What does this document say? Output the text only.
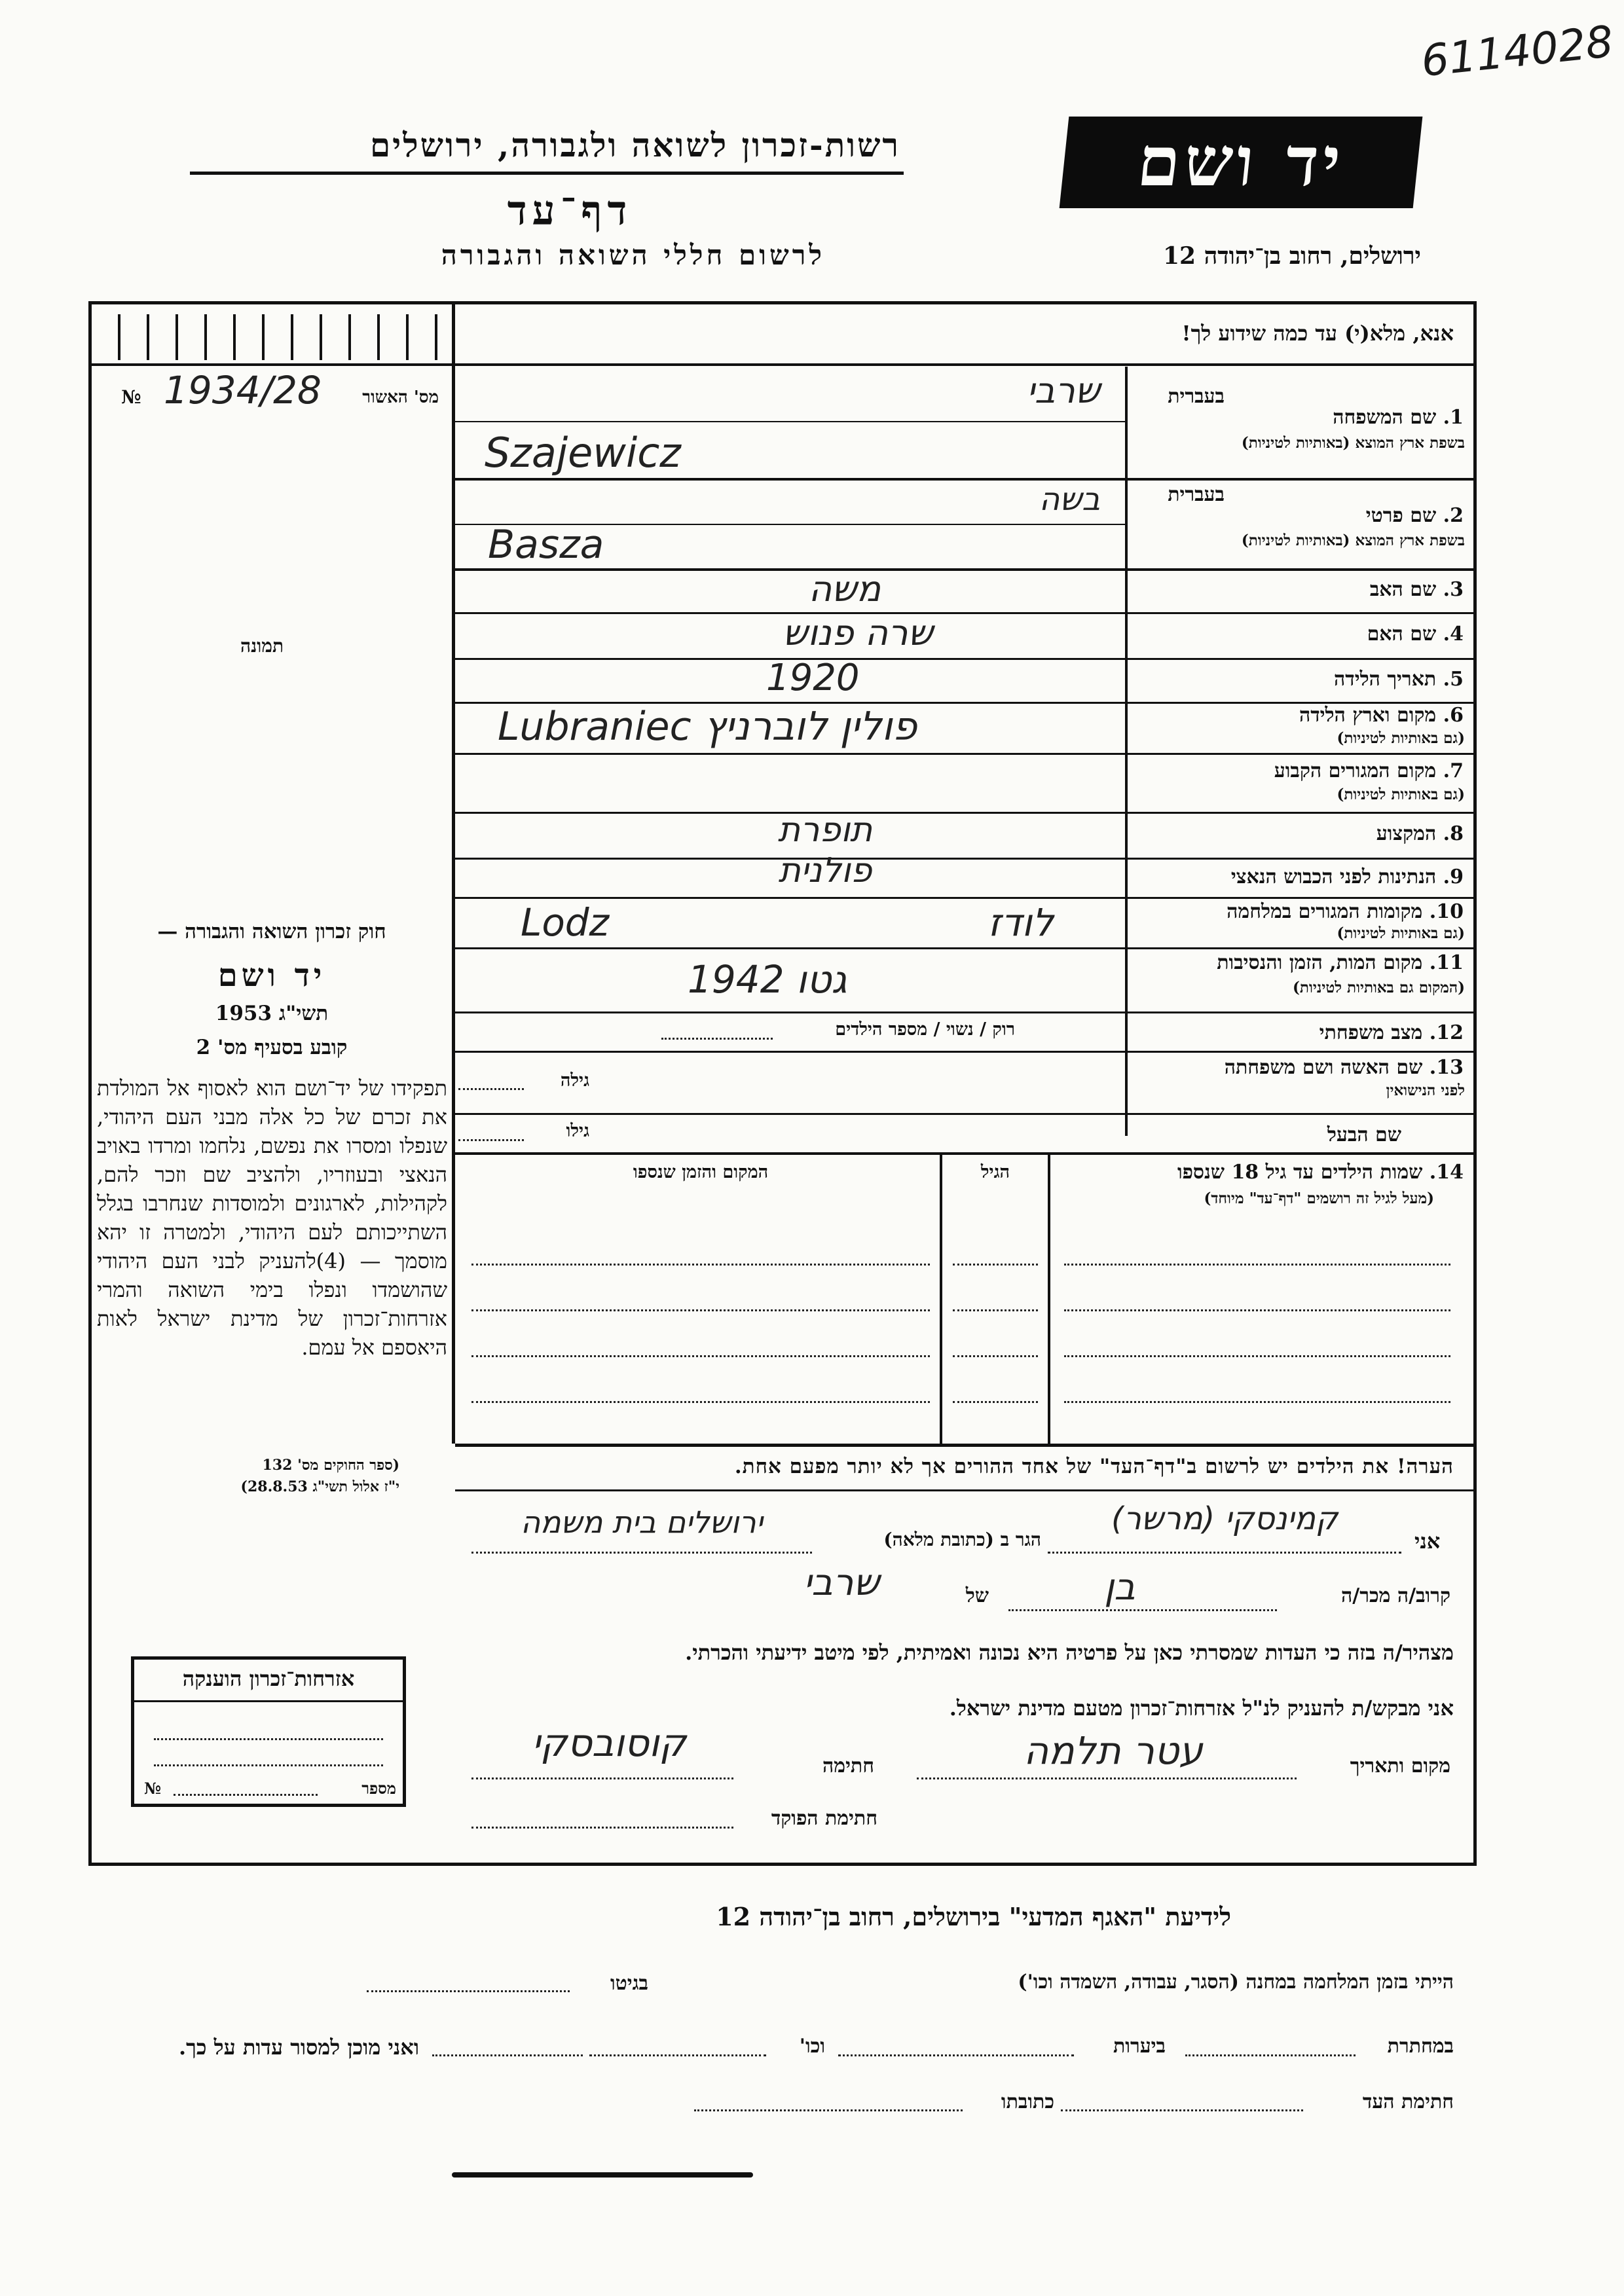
6114028
רשות-זכרון לשואה ולגבורה, ירושלים
דף־עד
לרשום חללי השואה והגבורה
יד ושם
ירושלים, רחוב בן־יהודה 12
אנא, מלא(י) עד כמה שידוע לך!
№ 1934/28	מס' האשור
תמונה
חוק זכרון השואה והגבורה —
יד ושם
תשי"ג 1953
קובע בסעיף מס' 2
תפקידו של יד־ושם הוא לאסוף אל המולדת את זכרם של כל אלה מבני העם היהודי, שנפלו ומסרו את נפשם, נלחמו ומרדו באויב הנאצי ובעוזריו, ולהציב שם וזכר להם, לקהילות, לארגונים ולמוסדות שנחרבו בגלל השתייכותם לעם היהודי, ולמטרה זו יהא מוסמך — (4)להעניק לבני העם היהודי שהושמדו ונפלו בימי השואה והמרי אזרחות־זכרון של מדינת ישראל לאות היאספם אל עמם.
(ספר החוקים מס' 132
י"ז אלול תשי"ג 28.8.53)
בעברית
1. שם המשפחה
בשפת ארץ המוצא (באותיות לטיניות)
שרבי
Szajewicz
בעברית
2. שם פרטי
בשפת ארץ המוצא (באותיות לטיניות)
בשה
Basza
3. שם האב
משה
4. שם האם
שרה פנוש
5. תאריך הלידה
1920
6. מקום וארץ הלידה
(גם באותיות לטיניות)
Lubraniec פולין לוברניץ
7. מקום המגורים הקבוע
(גם באותיות לטיניות)
8. המקצוע
תופרת
9. הנתינות לפני הכבוש הנאצי
פולנית
10. מקומות המגורים במלחמה
(גם באותיות לטיניות)
Lodz לודז
11. מקום המות, הזמן והנסיבות
(המקום גם באותיות לטיניות)
1942 גטו
12. מצב משפחתי
רוק / נשוי / מספר הילדים
13. שם האשה ושם משפחתה
לפני הנישואין
גילה
שם הבעל
גילו
14. שמות הילדים עד גיל 18 שנספו
(מעל לגיל זה רושמים "דף־עד" מיוחד)
הגיל
המקום והזמן שנספו
הערה! את הילדים יש לרשום ב"דף־העד" של אחד ההורים אך לא יותר מפעם אחת.
אני
קמינסקי (מרשר)
הגר ב (כתובת מלאה)
ירושלים בית משמה
קרוב/ה מכר/ה
בן
של
שרבי
מצהיר/ה בזה כי העדות שמסרתי כאן על פרטיה היא נכונה ואמיתית, לפי מיטב ידיעתי והכרתי.
אני מבקש/ת להעניק לנ"ל אזרחות־זכרון מטעם מדינת ישראל.
מקום ותאריך
עטר תלמה
חתימה
קוסובסקי
חתימת הפוקד
אזרחות־זכרון הוענקה
№	מספר
לידיעת "האגף המדעי" בירושלים, רחוב בן־יהודה 12
הייתי בזמן המלחמה במחנה (הסגר, עבודה, השמדה וכו')
בגיטו
במחתרת
ביערות
וכו'
ואני מוכן למסור עדות על כך.
חתימת העד
כתובתו
